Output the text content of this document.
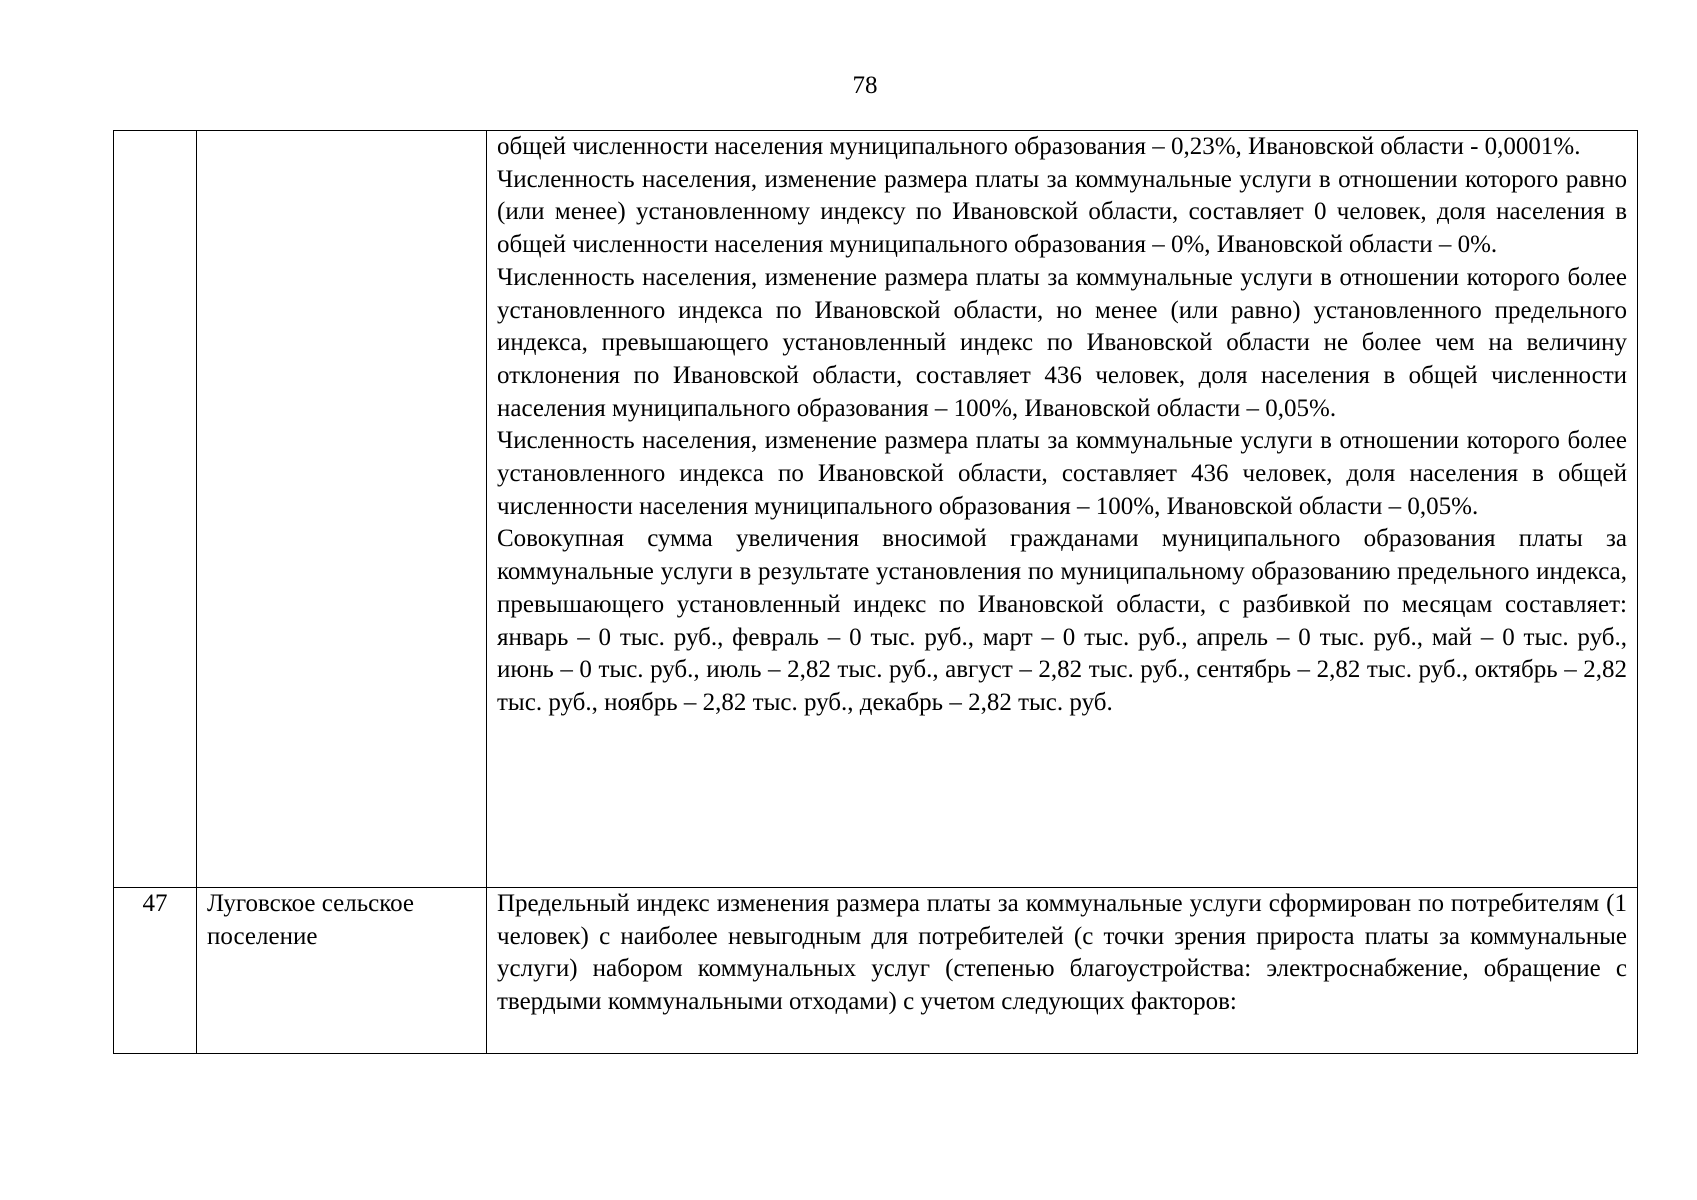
78

		общей численности населения муниципального образования – 0,23%, Ивановской области - 0,0001%.

Численность населения, изменение размера платы за коммунальные услуги в отношении которого равно (или менее) установленному индексу по Ивановской области, составляет 0 человек, доля населения в общей численности населения муниципального образования – 0%, Ивановской области – 0%.

Численность населения, изменение размера платы за коммунальные услуги в отношении которого более установленного индекса по Ивановской области, но менее (или равно) установленного предельного индекса, превышающего установленный индекс по Ивановской области не более чем на величину отклонения по Ивановской области, составляет 436 человек, доля населения в общей численности населения муниципального образования – 100%, Ивановской области – 0,05%.

Численность населения, изменение размера платы за коммунальные услуги в отношении которого более установленного индекса по Ивановской области, составляет 436 человек, доля населения в общей численности населения муниципального образования – 100%, Ивановской области – 0,05%.

Совокупная сумма увеличения вносимой гражданами муниципального образования платы за коммунальные услуги в результате установления по муниципальному образованию предельного индекса, превышающего установленный индекс по Ивановской области, с разбивкой по месяцам составляет: январь – 0 тыс. руб., февраль – 0 тыс. руб., март – 0 тыс. руб., апрель – 0 тыс. руб., май – 0 тыс. руб., июнь – 0 тыс. руб., июль – 2,82 тыс. руб., август – 2,82 тыс. руб., сентябрь – 2,82 тыс. руб., октябрь – 2,82 тыс. руб., ноябрь – 2,82 тыс. руб., декабрь – 2,82 тыс. руб.

47	Луговское сельское поселение	Предельный индекс изменения размера платы за коммунальные услуги сформирован по потребителям (1 человек) с наиболее невыгодным для потребителей (с точки зрения прироста платы за коммунальные услуги) набором коммунальных услуг (степенью благоустройства: электроснабжение, обращение с твердыми коммунальными отходами) с учетом следующих факторов:
